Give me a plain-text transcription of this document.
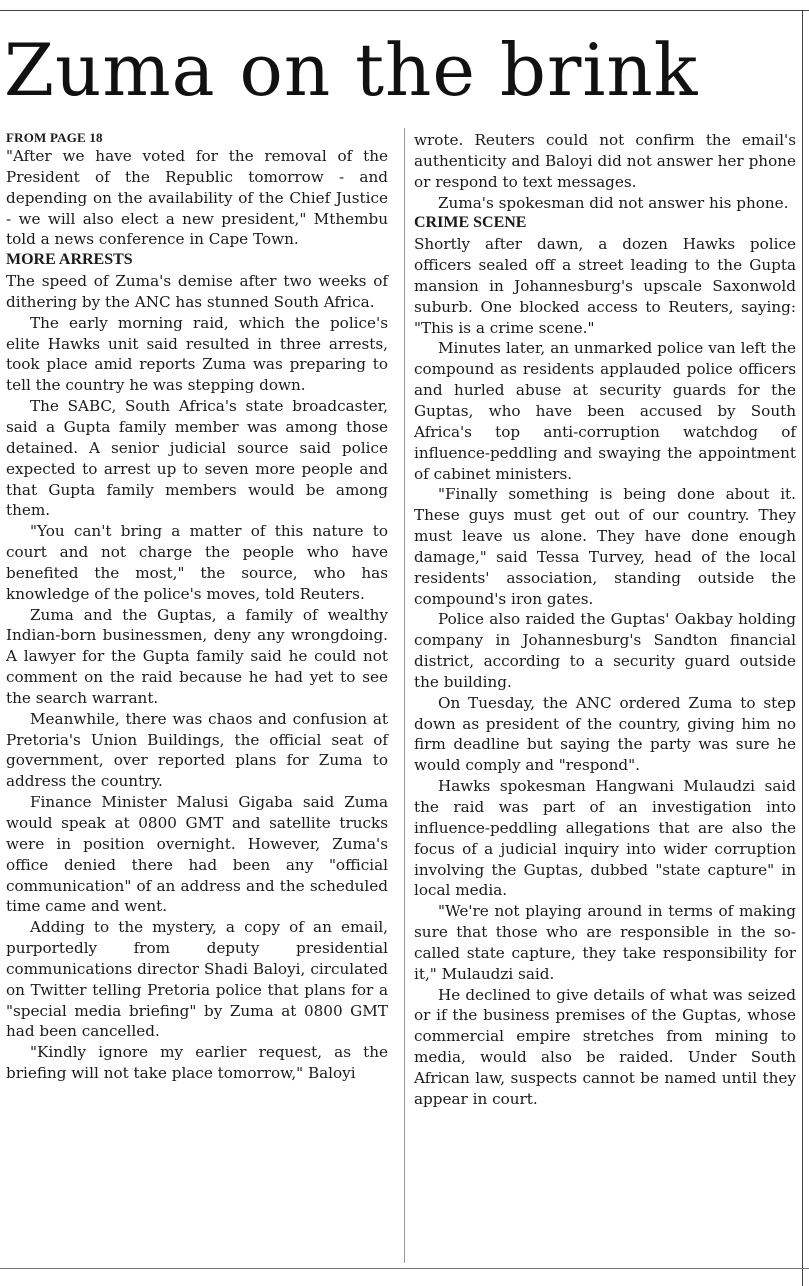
Zuma on the brink
FROM PAGE 18

"After we have voted for the removal of the President of the Republic tomorrow - and depending on the availability of the Chief Justice - we will also elect a new president," Mthembu told a news conference in Cape Town.

MORE ARRESTS

The speed of Zuma's demise after two weeks of dithering by the ANC has stunned South Africa.

The early morning raid, which the police's elite Hawks unit said resulted in three arrests, took place amid reports Zuma was preparing to tell the country he was stepping down.

The SABC, South Africa's state broadcaster, said a Gupta family member was among those detained. A senior judicial source said police expected to arrest up to seven more people and that Gupta family members would be among them.

"You can't bring a matter of this nature to court and not charge the people who have benefited the most," the source, who has knowledge of the police's moves, told Reuters.

Zuma and the Guptas, a family of wealthy Indian-born businessmen, deny any wrongdoing. A lawyer for the Gupta family said he could not comment on the raid because he had yet to see the search warrant.

Meanwhile, there was chaos and confusion at Pretoria's Union Buildings, the official seat of government, over reported plans for Zuma to address the country.

Finance Minister Malusi Gigaba said Zuma would speak at 0800 GMT and satellite trucks were in position overnight. However, Zuma's office denied there had been any "official communication" of an address and the scheduled time came and went.

Adding to the mystery, a copy of an email, purportedly from deputy presidential communications director Shadi Baloyi, circulated on Twitter telling Pretoria police that plans for a "special media briefing" by Zuma at 0800 GMT had been cancelled.

"Kindly ignore my earlier request, as the briefing will not take place tomorrow," Baloyi

wrote. Reuters could not confirm the email's authenticity and Baloyi did not answer her phone or respond to text messages.

Zuma's spokesman did not answer his phone.

CRIME SCENE

Shortly after dawn, a dozen Hawks police officers sealed off a street leading to the Gupta mansion in Johannesburg's upscale Saxonwold suburb. One blocked access to Reuters, saying: "This is a crime scene."

Minutes later, an unmarked police van left the compound as residents applauded police officers and hurled abuse at security guards for the Guptas, who have been accused by South Africa's top anti-corruption watchdog of influence-peddling and swaying the appointment of cabinet ministers.

"Finally something is being done about it. These guys must get out of our country. They must leave us alone. They have done enough damage," said Tessa Turvey, head of the local residents' association, standing outside the compound's iron gates.

Police also raided the Guptas' Oakbay holding company in Johannesburg's Sandton financial district, according to a security guard outside the building.

On Tuesday, the ANC ordered Zuma to step down as president of the country, giving him no firm deadline but saying the party was sure he would comply and "respond".

Hawks spokesman Hangwani Mulaudzi said the raid was part of an investigation into influence-peddling allegations that are also the focus of a judicial inquiry into wider corruption involving the Guptas, dubbed "state capture" in local media.

"We're not playing around in terms of making sure that those who are responsible in the so-called state capture, they take responsibility for it," Mulaudzi said.

He declined to give details of what was seized or if the business premises of the Guptas, whose commercial empire stretches from mining to media, would also be raided. Under South African law, suspects cannot be named until they appear in court.
